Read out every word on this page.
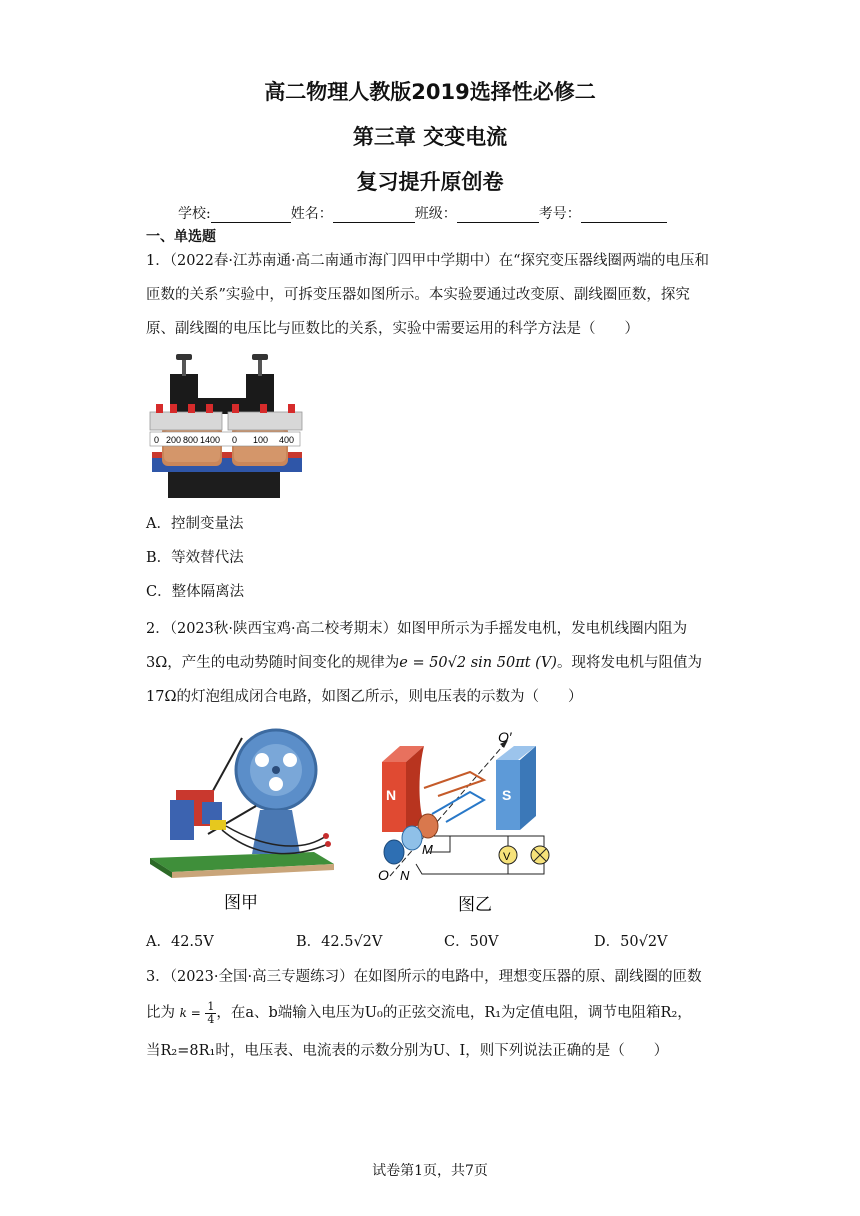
高二物理人教版2019选择性必修二
第三章 交变电流
复习提升原创卷
学校:	姓名：	班级：	考号：
一、单选题
1．（2022春·江苏南通·高二南通市海门四甲中学期中）在“探究变压器线圈两端的电压和匝数的关系”实验中，可拆变压器如图所示。本实验要通过改变原、副线圈匝数，探究原、副线圈的电压比与匝数比的关系，实验中需要运用的科学方法是（　　）
0 200 800 1400 0 100 400
A．控制变量法
B．等效替代法
C．整体隔离法
2．（2023秋·陕西宝鸡·高二校考期末）如图甲所示为手摇发电机，发电机线圈内阻为3Ω，产生的电动势随时间变化的规律为e = 50√2 sin 50πt (V)。现将发电机与阻值为17Ω的灯泡组成闭合电路，如图乙所示，则电压表的示数为（　　）
图甲
N	S
O′
M
N
O
V
图乙
A．42.5V	B．42.5√2V	C．50V	D．50√2V
3．（2023·全国·高三专题练习）在如图所示的电路中，理想变压器的原、副线圈的匝数
比为 $k = \frac{1}{4}$ ，在a、b端输入电压为U₀的正弦交流电，R₁为定值电阻，调节电阻箱R₂，
当R₂=8R₁时，电压表、电流表的示数分别为U、I，则下列说法正确的是（　　）
试卷第1页，共7页
